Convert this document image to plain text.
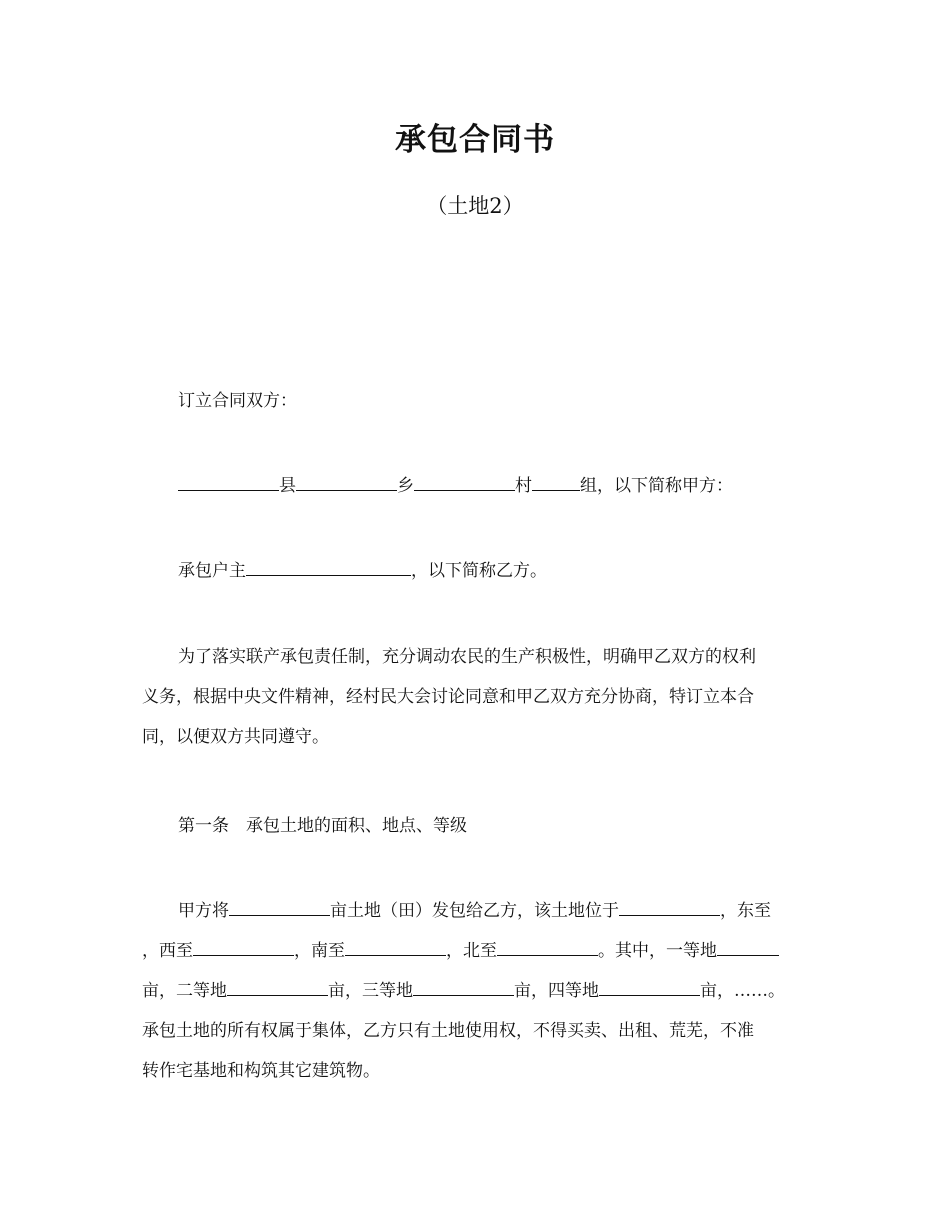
承包合同书
（土地2）
订立合同双方：
县	乡	村	组，以下简称甲方：
承包户主	，以下简称乙方。
为了落实联产承包责任制，充分调动农民的生产积极性，明确甲乙双方的权利
义务，根据中央文件精神，经村民大会讨论同意和甲乙双方充分协商，特订立本合
同，以便双方共同遵守。
第一条　承包土地的面积、地点、等级
甲方将	亩土地（田）发包给乙方，该土地位于	，东至
，西至	，南至	，北至	。其中，一等地
亩，二等地	亩，三等地	亩，四等地	亩，……。
承包土地的所有权属于集体，乙方只有土地使用权，不得买卖、出租、荒芜，不准
转作宅基地和构筑其它建筑物。
